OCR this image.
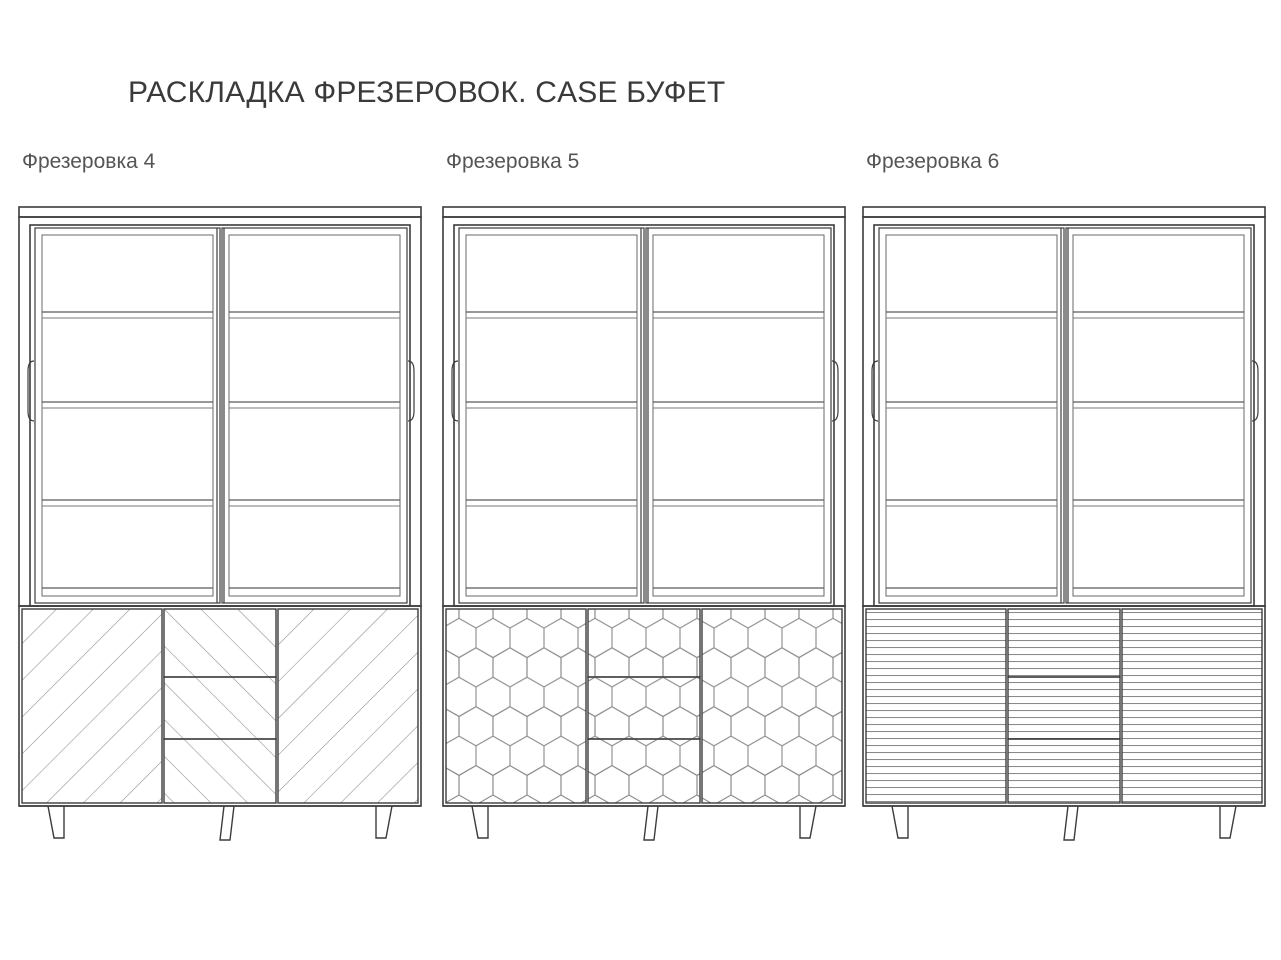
РАСКЛАДКА ФРЕЗЕРОВОК. CASE БУФЕТ
Фрезеровка 4	Фрезеровка 5	Фрезеровка 6
